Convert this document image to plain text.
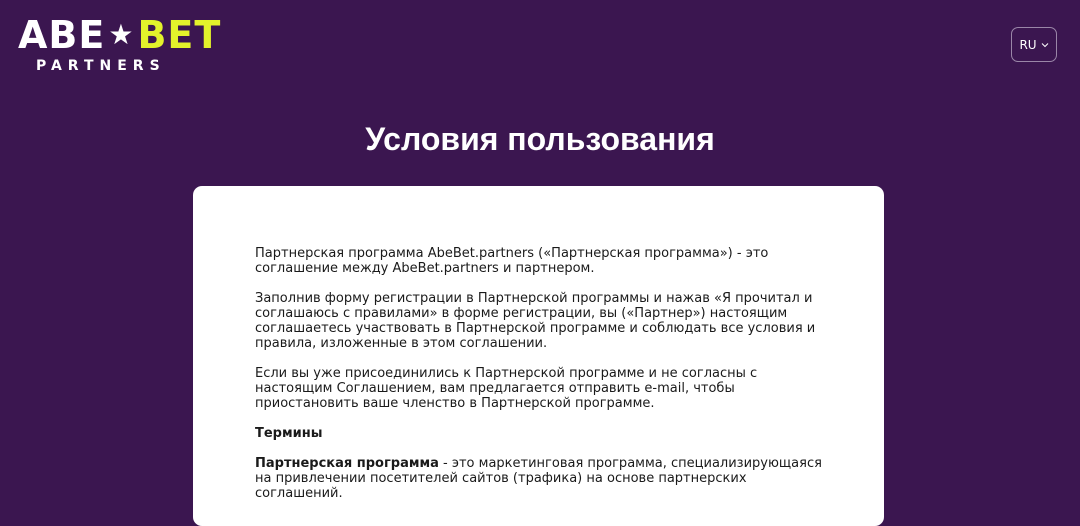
ABE ★ BET
PARTNERS
RU
Условия пользования

Партнерская программа AbeBet.partners («Партнерская программа») - это соглашение между AbeBet.partners и партнером.

Заполнив форму регистрации в Партнерской программы и нажав «Я прочитал и соглашаюсь с правилами» в форме регистрации, вы («Партнер») настоящим соглашаетесь участвовать в Партнерской программе и соблюдать все условия и правила, изложенные в этом соглашении.

Если вы уже присоединились к Партнерской программе и не согласны с настоящим Соглашением, вам предлагается отправить e-mail, чтобы приостановить ваше членство в Партнерской программе.

Термины

Партнерская программа - это маркетинговая программа, специализирующаяся на привлечении посетителей сайтов (трафика) на основе партнерских соглашений.
